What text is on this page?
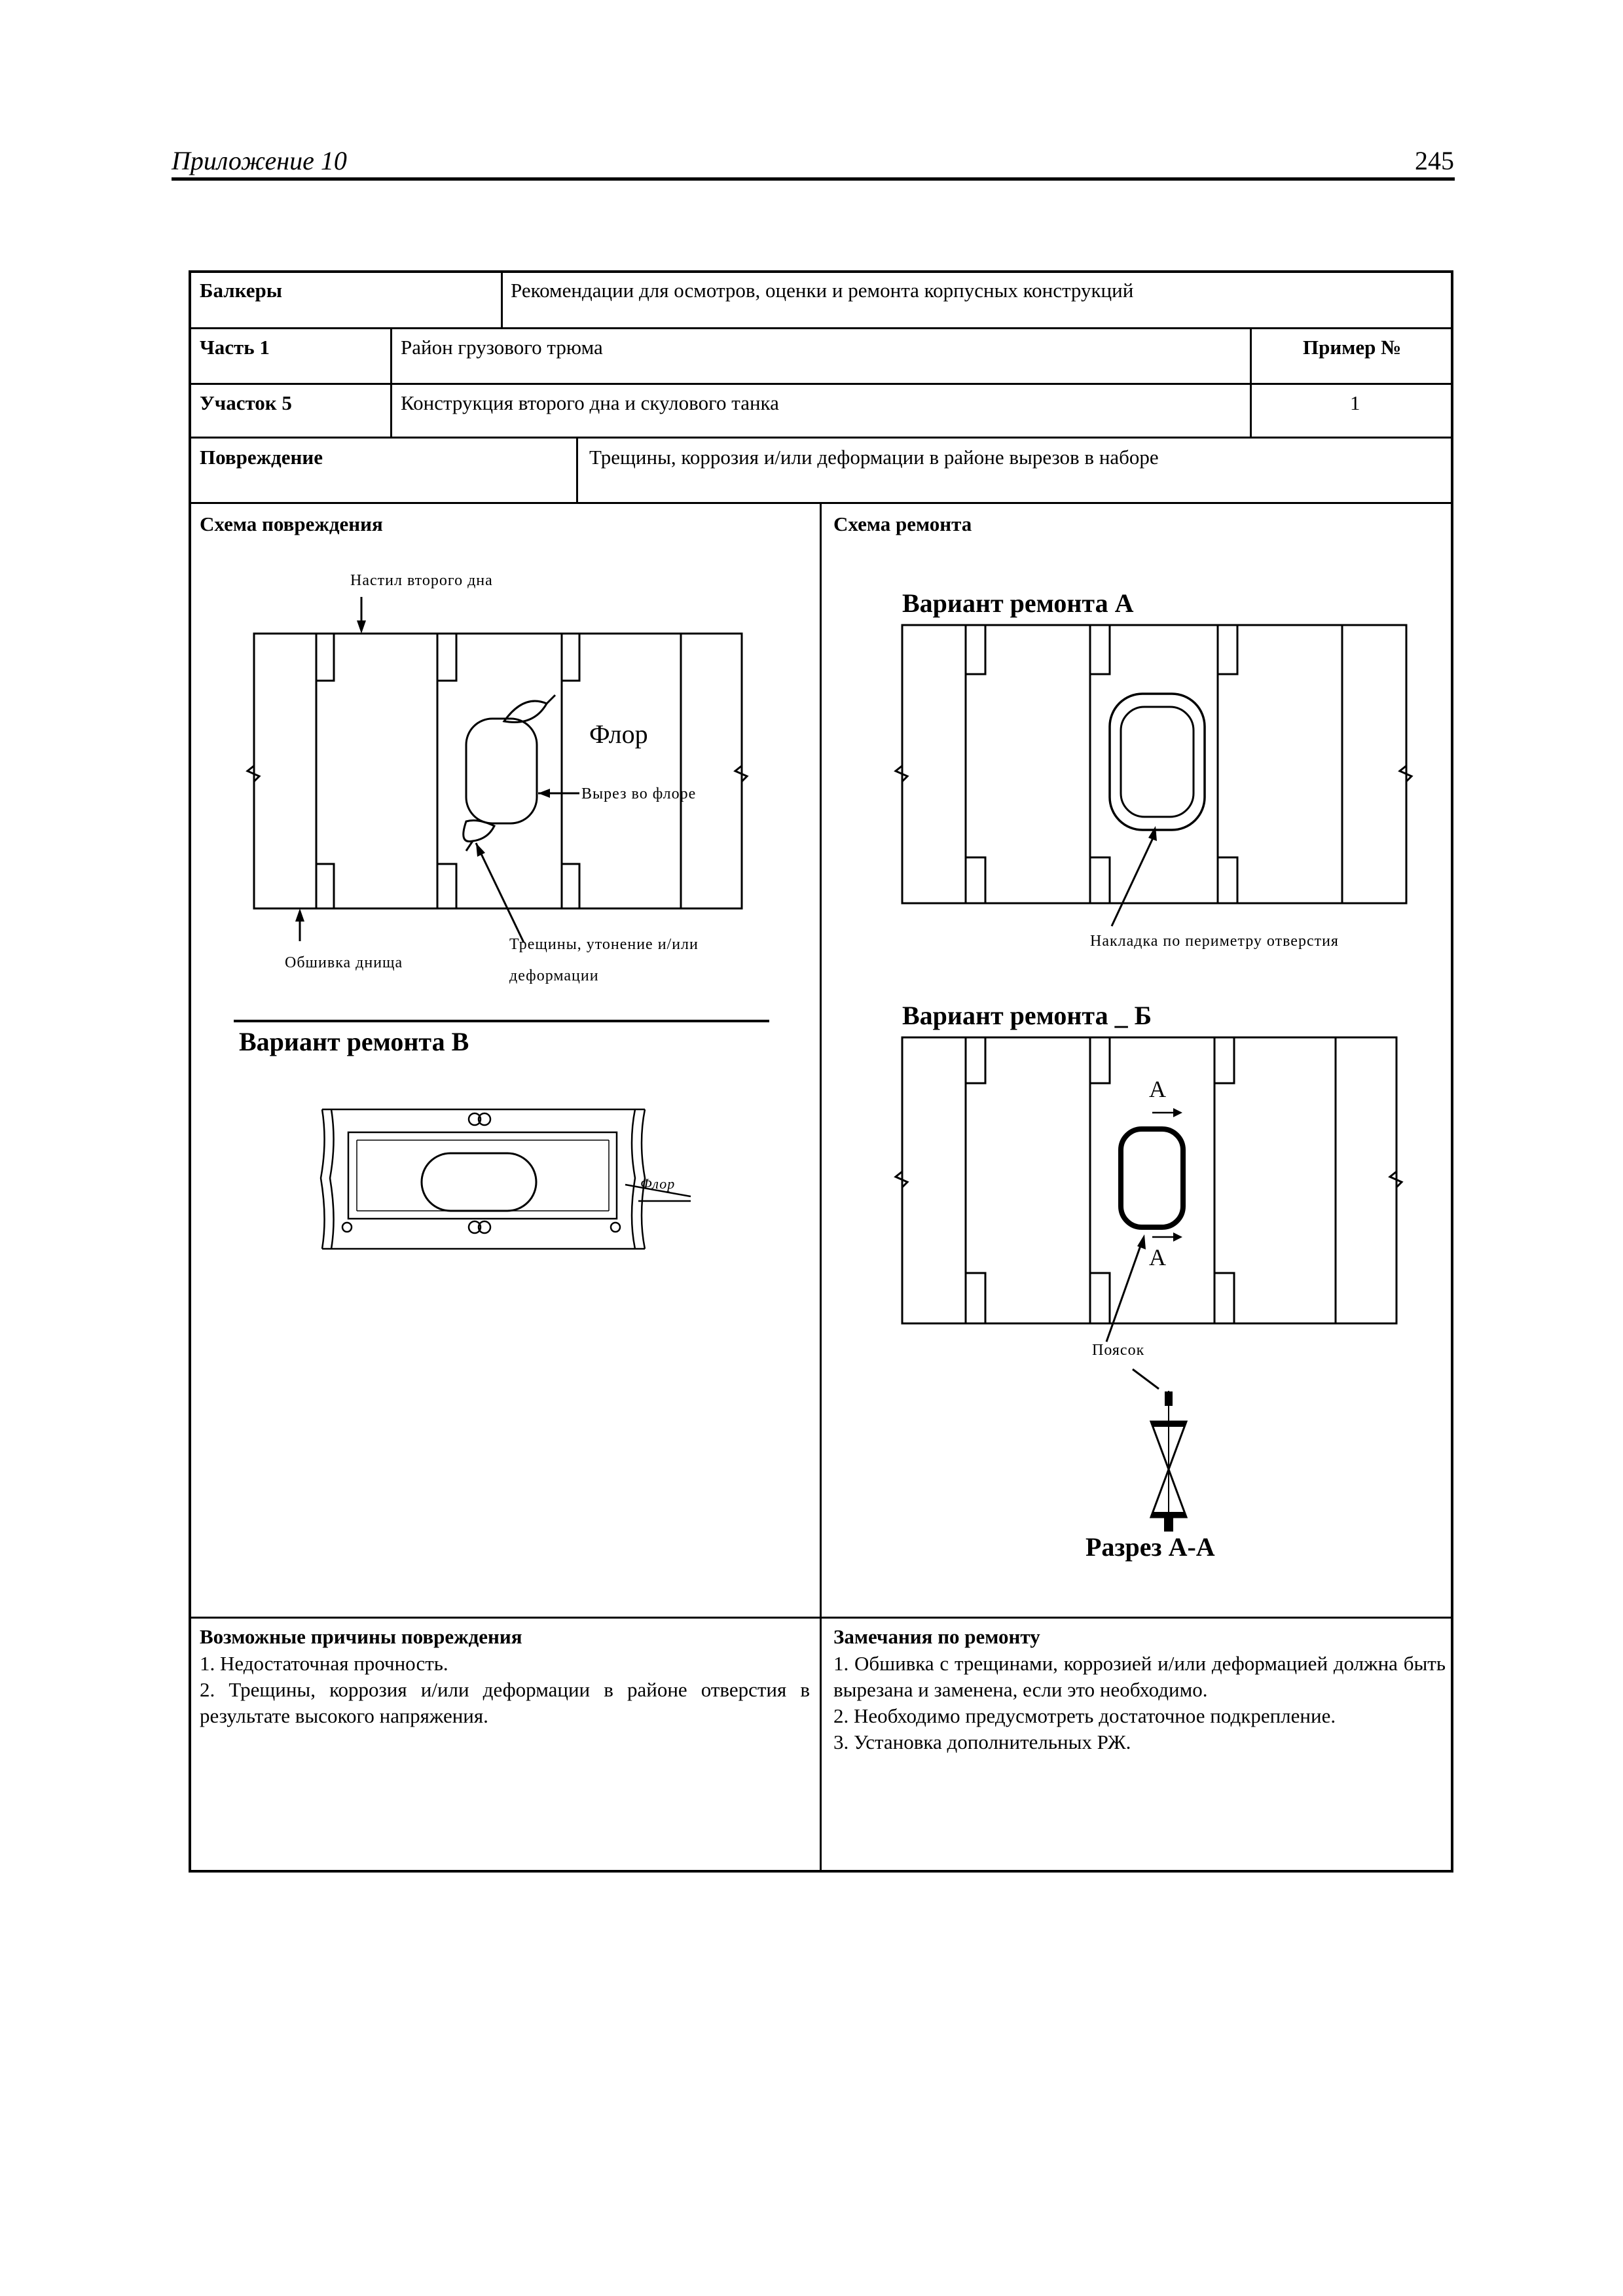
Приложение 10	245
Балкеры	Рекомендации для осмотров, оценки и ремонта корпусных конструкций
Часть 1	Район грузового трюма	Пример №
Участок 5	Конструкция второго дна и скулового танка	1
Повреждение	Трещины, коррозия и/или деформации в районе вырезов в наборе
Схема повреждения	Схема ремонта
Настил второго дна
Флор
Вырез во флоре
Обшивка днища
Трещины, утонение и/или
деформации
Вариант ремонта В
Флор
Вариант ремонта А
Накладка по периметру отверстия
Вариант ремонта _ Б
А
А
Поясок
Разрез А-А
Возможные причины повреждения
1. Недостаточная прочность.
2. Трещины, коррозия и/или деформации в районе отверстия в результате высокого напряжения.
Замечания по ремонту
1. Обшивка с трещинами, коррозией и/или деформацией должна быть вырезана и заменена, если это необходимо.
2. Необходимо предусмотреть достаточное подкрепление.
3. Установка дополнительных РЖ.
